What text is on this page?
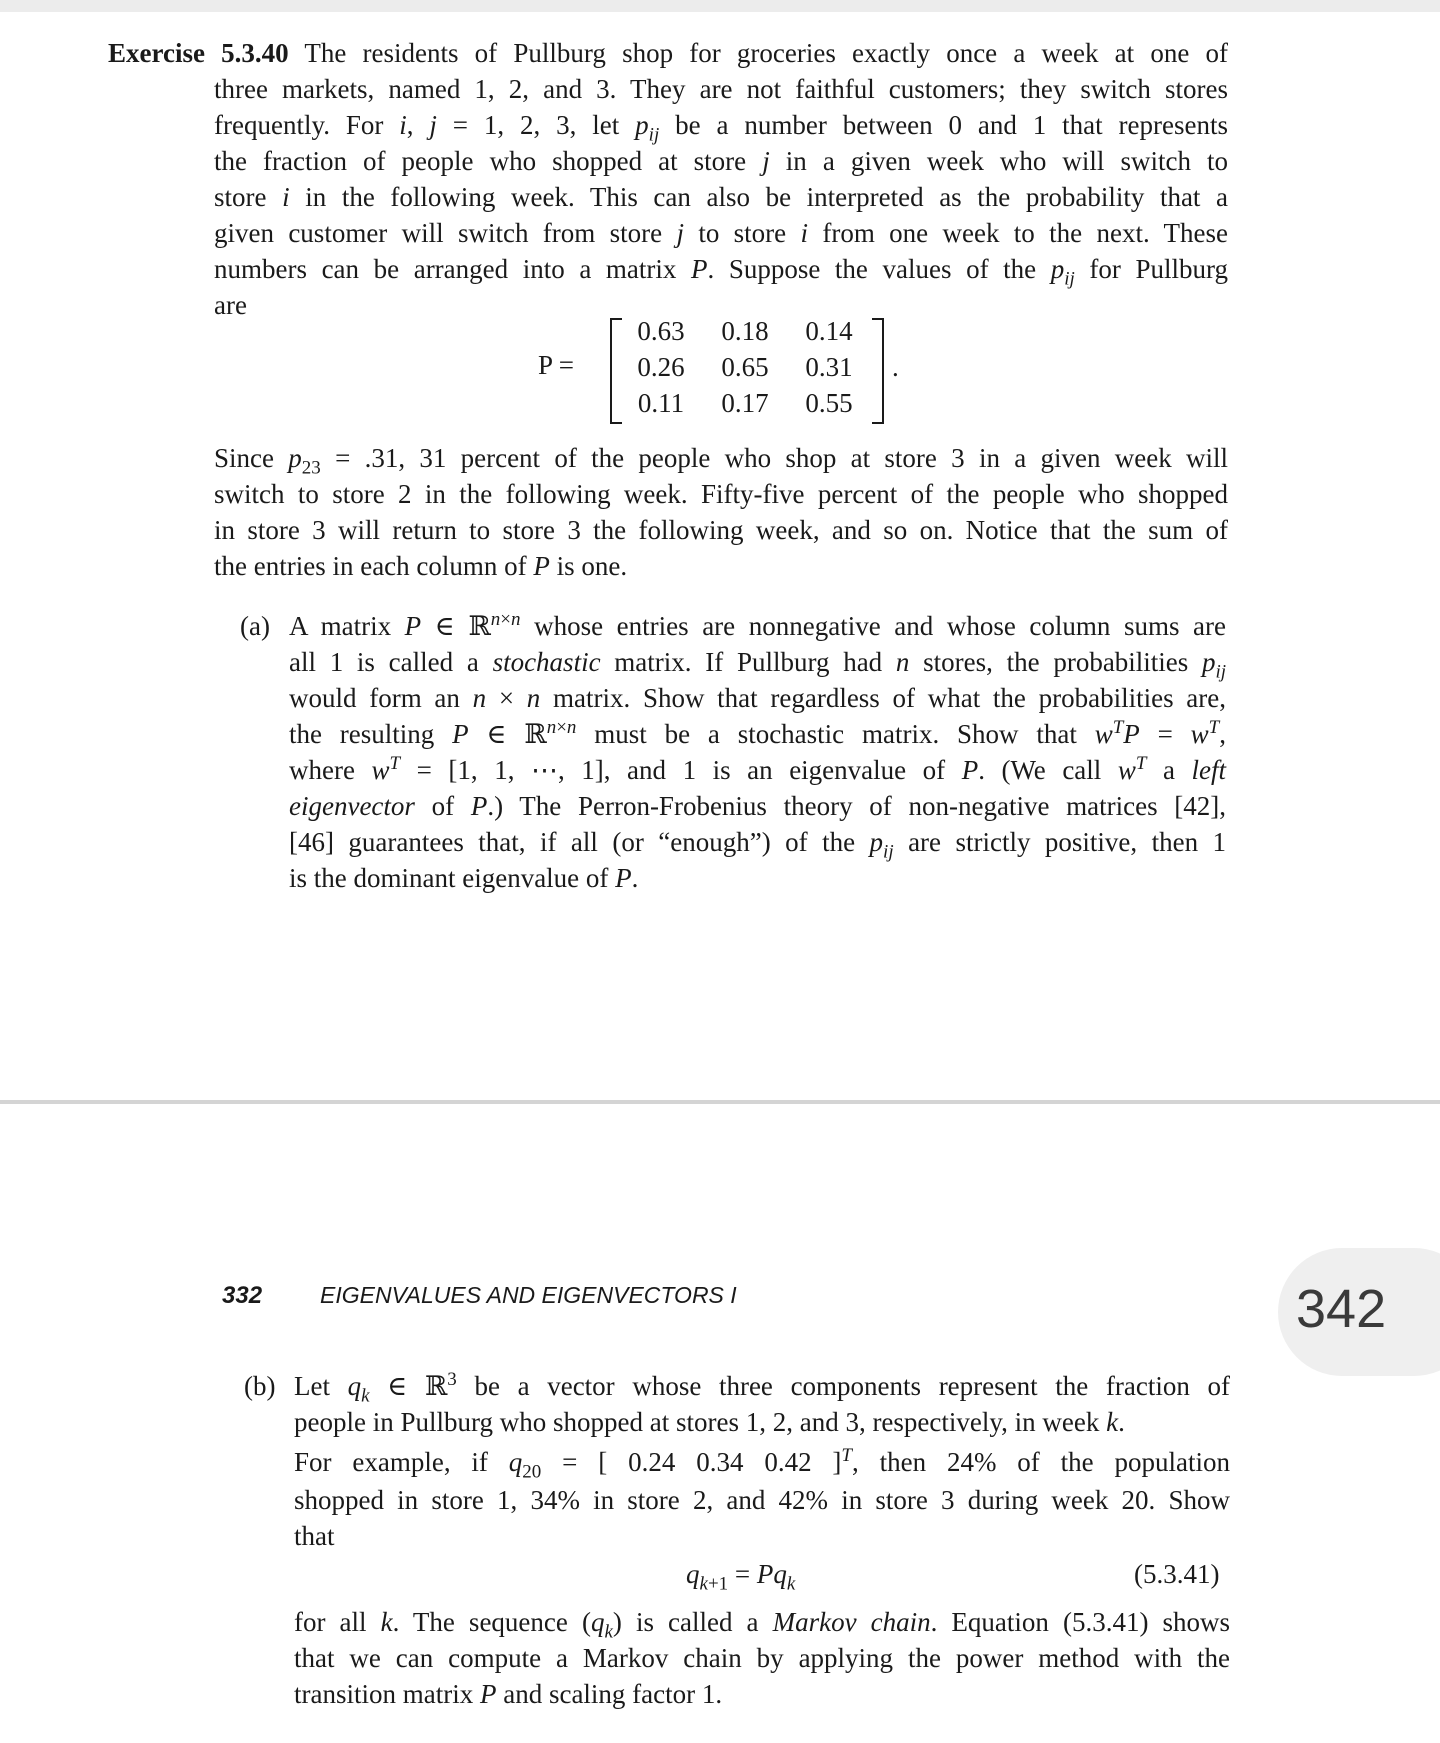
Exercise 5.3.40 The residents of Pullburg shop for groceries exactly once a week at one of
three markets, named 1, 2, and 3. They are not faithful customers; they switch stores
frequently. For i, j = 1, 2, 3, let $p_{ij}$ be a number between 0 and 1 that represents
the fraction of people who shopped at store j in a given week who will switch to
store i in the following week. This can also be interpreted as the probability that a
given customer will switch from store j to store i from one week to the next. These
numbers can be arranged into a matrix P. Suppose the values of the $p_{ij}$ for Pullburg
are
P =
0.63	0.18	0.14
0.26	0.65	0.31
0.11	0.17	0.55
.
Since $p_{23} = .31$, 31 percent of the people who shop at store 3 in a given week will
switch to store 2 in the following week. Fifty-five percent of the people who shopped
in store 3 will return to store 3 the following week, and so on. Notice that the sum of
the entries in each column of P is one.
(a) A matrix P ∈ ℝ$^{n\times n}$ whose entries are nonnegative and whose column sums are
all 1 is called a stochastic matrix. If Pullburg had n stores, the probabilities $p_{ij}$
would form an n × n matrix. Show that regardless of what the probabilities are,
the resulting P ∈ ℝ$^{n\times n}$ must be a stochastic matrix. Show that $w^TP = w^T$,
where $w^T = [1$, 1, ⋯, 1], and 1 is an eigenvalue of P. (We call $w^T$ a left
eigenvector of P.) The Perron-Frobenius theory of non-negative matrices [42],
[46] guarantees that, if all (or “enough”) of the $p_{ij}$ are strictly positive, then 1
is the dominant eigenvalue of P.
332	EIGENVALUES AND EIGENVECTORS I	342
(b) Let $q_k$ ∈ ℝ$^3$ be a vector whose three components represent the fraction of
people in Pullburg who shopped at stores 1, 2, and 3, respectively, in week k.
For example, if $q_{20}$ = [ 0.24 0.34 0.42 ]$^T$, then 24% of the population
shopped in store 1, 34% in store 2, and 42% in store 3 during week 20. Show
that
$q_{k+1} = Pq_k$	(5.3.41)
for all k. The sequence $(q_k)$ is called a Markov chain. Equation (5.3.41) shows
that we can compute a Markov chain by applying the power method with the
transition matrix P and scaling factor 1.
